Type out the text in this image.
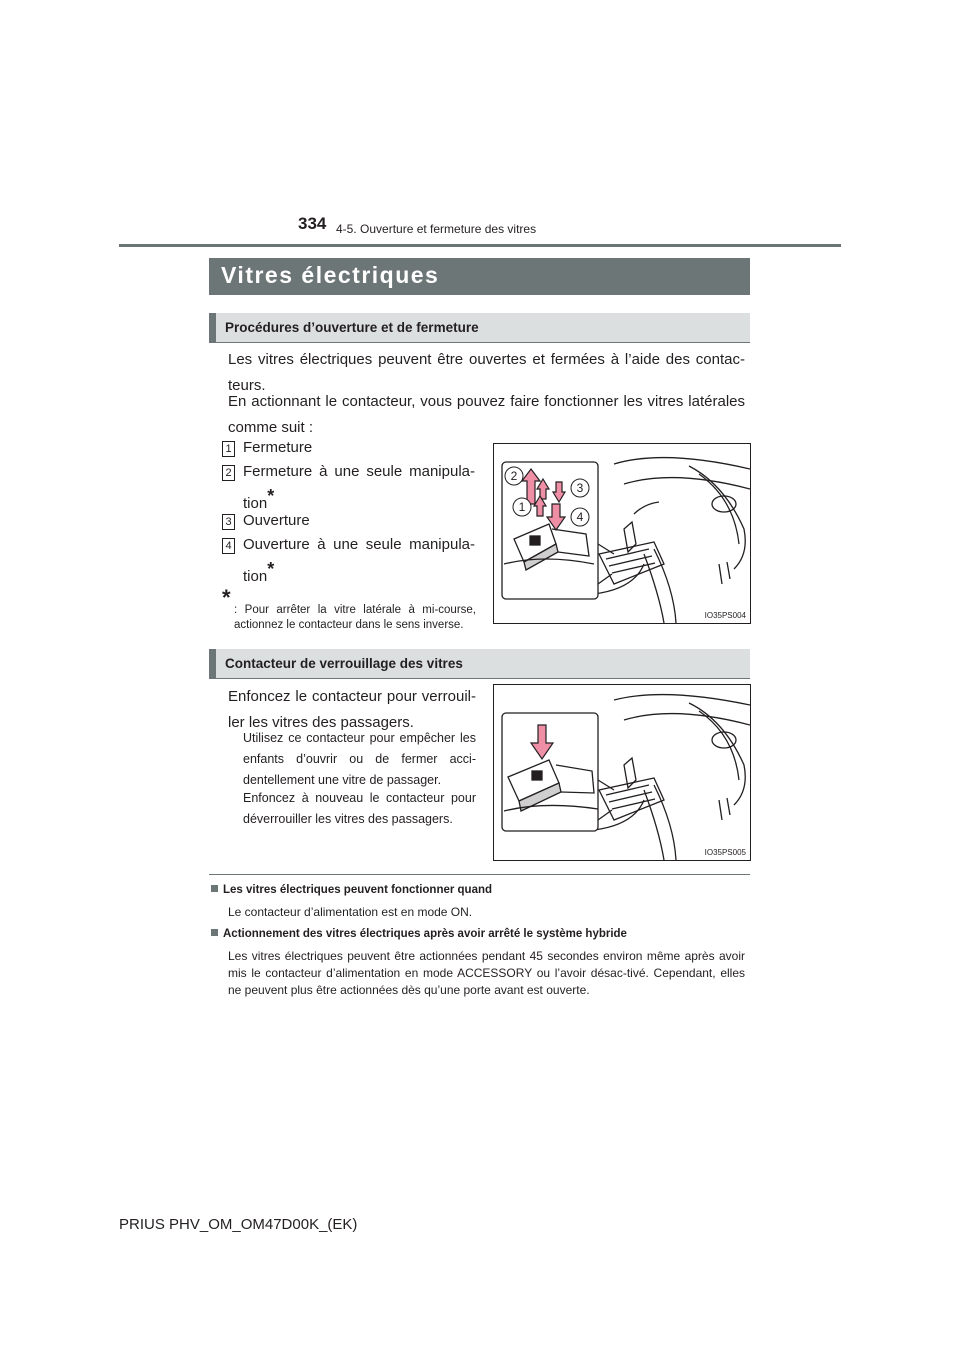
334 4-5. Ouverture et fermeture des vitres
Vitres électriques
Procédures d’ouverture et de fermeture
Les vitres électriques peuvent être ouvertes et fermées à l’aide des contac-teurs.
En actionnant le contacteur, vous pouvez faire fonctionner les vitres latérales comme suit :
1 Fermeture
2 Fermeture à une seule manipula-tion*
3 Ouverture
4 Ouverture à une seule manipula-tion*
* : Pour arrêter la vitre latérale à mi-course, actionnez le contacteur dans le sens inverse.
2
1
3
4
IO35PS004
Contacteur de verrouillage des vitres
Enfoncez le contacteur pour verrouil-ler les vitres des passagers.
Utilisez ce contacteur pour empêcher les enfants d’ouvrir ou de fermer acci-dentellement une vitre de passager.
Enfoncez à nouveau le contacteur pour déverrouiller les vitres des passagers.
IO35PS005
Les vitres électriques peuvent fonctionner quand
Le contacteur d’alimentation est en mode ON.
Actionnement des vitres électriques après avoir arrêté le système hybride
Les vitres électriques peuvent être actionnées pendant 45 secondes environ même après avoir mis le contacteur d’alimentation en mode ACCESSORY ou l’avoir désac-tivé. Cependant, elles ne peuvent plus être actionnées dès qu’une porte avant est ouverte.
PRIUS PHV_OM_OM47D00K_(EK)
